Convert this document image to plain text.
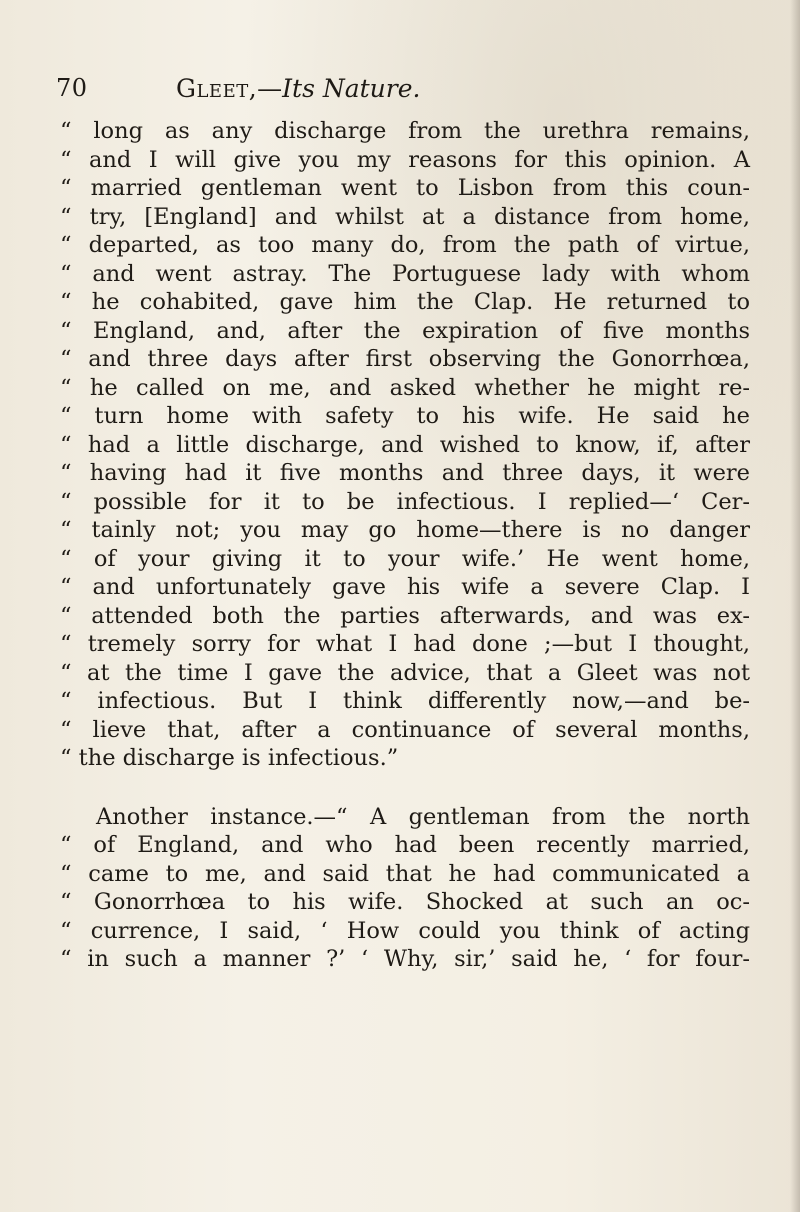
70	Gleet,—Its Nature.
“ long as any discharge from the urethra remains,
“ and I will give you my reasons for this opinion. A
“ married gentleman went to Lisbon from this coun-
“ try, [England] and whilst at a distance from home,
“ departed, as too many do, from the path of virtue,
“ and went astray. The Portuguese lady with whom
“ he cohabited, gave him the Clap. He returned to
“ England, and, after the expiration of five months
“ and three days after first observing the Gonorrhœa,
“ he called on me, and asked whether he might re-
“ turn home with safety to his wife. He said he
“ had a little discharge, and wished to know, if, after
“ having had it five months and three days, it were
“ possible for it to be infectious. I replied—‘ Cer-
“ tainly not; you may go home—there is no danger
“ of your giving it to your wife.’ He went home,
“ and unfortunately gave his wife a severe Clap. I
“ attended both the parties afterwards, and was ex-
“ tremely sorry for what I had done ;—but I thought,
“ at the time I gave the advice, that a Gleet was not
“ infectious. But I think differently now,—and be-
“ lieve that, after a continuance of several months,
“ the discharge is infectious.”
Another instance.—“ A gentleman from the north
“ of England, and who had been recently married,
“ came to me, and said that he had communicated a
“ Gonorrhœa to his wife. Shocked at such an oc-
“ currence, I said, ‘ How could you think of acting
“ in such a manner ?’ ‘ Why, sir,’ said he, ‘ for four-
